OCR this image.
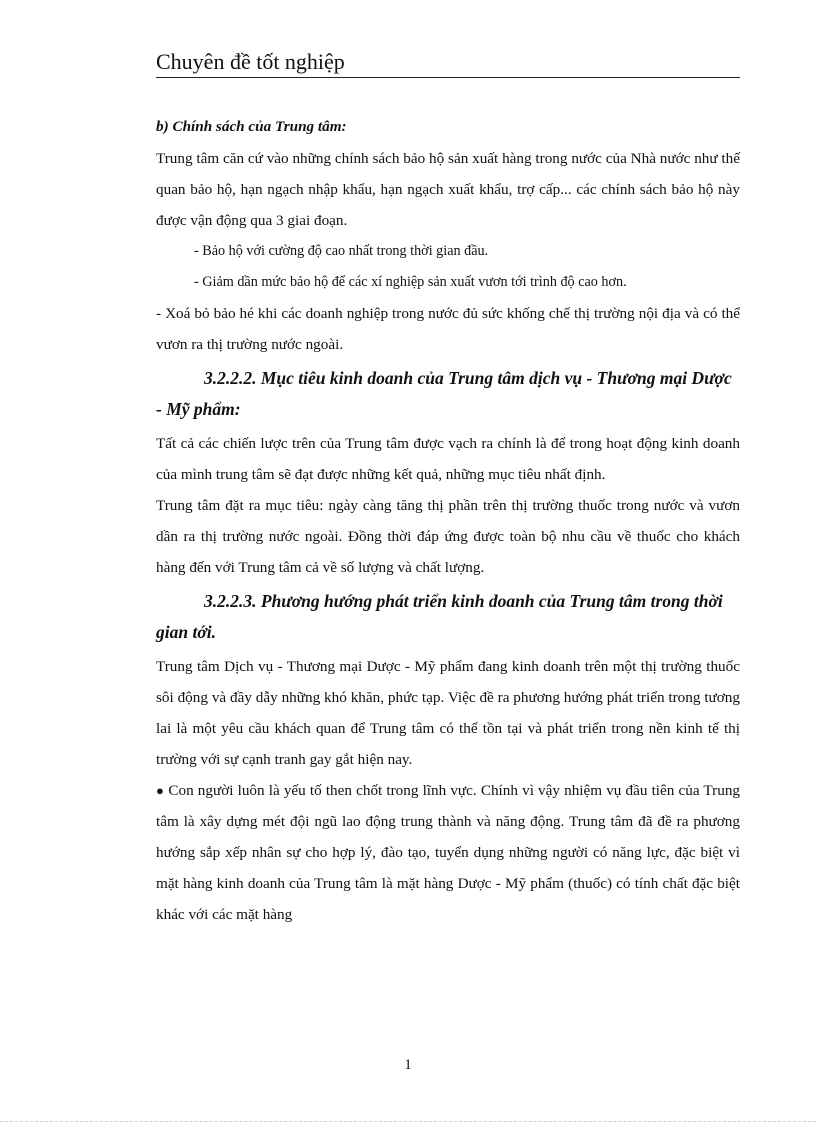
Chuyên đề tốt nghiệp

b) Chính sách của Trung tâm:

Trung tâm căn cứ vào những chính sách bảo hộ sản xuất hàng trong nước của Nhà nước như thế quan bảo hộ, hạn ngạch nhập khẩu, hạn ngạch xuất khẩu, trợ cấp... các chính sách bảo hộ này được vận động qua 3 giai đoạn.

- Bảo hộ với cường độ cao nhất trong thời gian đầu.

- Giảm dần mức bảo hộ để các xí nghiệp sản xuất vươn tới trình độ cao hơn.

- Xoá bỏ bảo hé khi các doanh nghiệp trong nước đủ sức khống chế thị trường nội địa và có thể vươn ra thị trường nước ngoài.

3.2.2.2. Mục tiêu kinh doanh của Trung tâm dịch vụ - Thương mại Dược - Mỹ phẩm:

Tất cả các chiến lược trên của Trung tâm được vạch ra chính là để trong hoạt động kinh doanh của mình trung tâm sẽ đạt được những kết quả, những mục tiêu nhất định.

Trung tâm đặt ra mục tiêu: ngày càng tăng thị phần trên thị trường thuốc trong nước và vươn dần ra thị trường nước ngoài. Đồng thời đáp ứng được toàn bộ nhu cầu về thuốc cho khách hàng đến với Trung tâm cả về số lượng và chất lượng.

3.2.2.3. Phương hướng phát triển kinh doanh của Trung tâm trong thời gian tới.

Trung tâm Dịch vụ - Thương mại Dược - Mỹ phẩm đang kinh doanh trên một thị trường thuốc sôi động và đầy dẫy những khó khăn, phức tạp. Việc đề ra phương hướng phát triển trong tương lai là một yêu cầu khách quan để Trung tâm có thể tồn tại và phát triển trong nền kinh tế thị trường với sự cạnh tranh gay gắt hiện nay.

● Con người luôn là yếu tố then chốt trong lĩnh vực. Chính vì vậy nhiệm vụ đầu tiên của Trung tâm là xây dựng mét đội ngũ lao động trung thành và năng động. Trung tâm đã đề ra phương hướng sắp xếp nhân sự cho hợp lý, đào tạo, tuyển dụng những người có năng lực, đặc biệt vì mặt hàng kinh doanh của Trung tâm là mặt hàng Dược - Mỹ phẩm (thuốc) có tính chất đặc biệt khác với các mặt hàng

1
